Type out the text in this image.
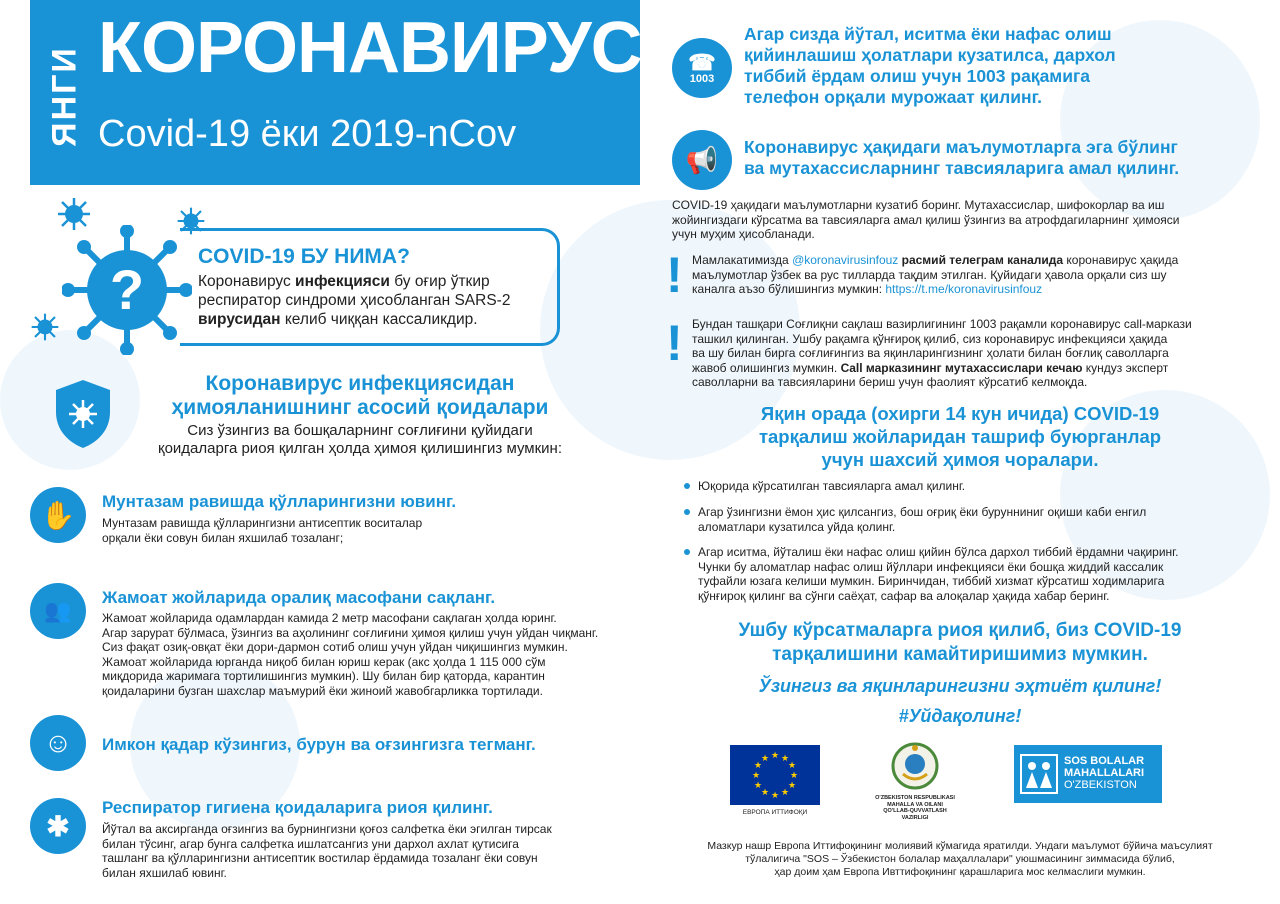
ЯНГИ КОРОНАВИРУС
Covid-19 ёки 2019-nCov
?
COVID-19 БУ НИМА?
Коронавирус инфекцияси бу оғир ўткир
респиратор синдроми ҳисобланган SARS-2
вирусидан келиб чиққан кассаликдир.
Коронавирус инфекциясидан
ҳимояланишнинг асосий қоидалари
Сиз ўзингиз ва бошқаларнинг соғлиғини қуйидаги
қоидаларга риоя қилган ҳолда ҳимоя қилишингиз мумкин:
✋	Мунтазам равишда қўлларингизни ювинг.
Мунтазам равишда қўлларингизни антисептик воситалар
орқали ёки совун билан яхшилаб тозаланг;
👥
Жамоат жойларида оралиқ масофани сақланг.
Жамоат жойларида одамлардан камида 2 метр масофани сақлаган ҳолда юринг.
Агар зарурат бўлмаса, ўзингиз ва аҳолининг соғлиғини ҳимоя қилиш учун уйдан чиқманг.
Сиз фақат озиқ-овқат ёки дори-дармон сотиб олиш учун уйдан чиқишингиз мумкин.
Жамоат жойларида юрганда ниқоб билан юриш керак (акс ҳолда 1 115 000 сўм
миқдорида жаримага тортилишингиз мумкин). Шу билан бир қаторда, карантин
қоидаларини бузган шахслар маъмурий ёки жиноий жавобгарликка тортилади.
☺	Имкон қадар кўзингиз, бурун ва оғзингизга тегманг.
✱
Респиратор гигиена қоидаларига риоя қилинг.
Йўтал ва аксирганда оғзингиз ва бурнингизни қоғоз салфетка ёки эгилган тирсак
билан тўсинг, агар бунга салфетка ишлатсангиз уни дархол ахлат қутисига
ташланг ва қўлларингизни антисептик востилар ёрдамида тозаланг ёки совун
билан яхшилаб ювинг.
☎
1003
Агар сизда йўтал, иситма ёки нафас олиш
қийинлашиш ҳолатлари кузатилса, дархол
тиббий ёрдам олиш учун 1003 рақамига
телефон орқали мурожаат қилинг.
📢	Коронавирус ҳақидаги маълумотларга эга бўлинг
ва мутахассисларнинг тавсияларига амал қилинг.
COVID-19 ҳақидаги маълумотларни кузатиб боринг. Мутахассислар, шифокорлар ва иш
жойингиздаги кўрсатма ва тавсияларга амал қилиш ўзингиз ва атрофдагиларнинг ҳимояси
учун муҳим ҳисобланади.
! Мамлакатимизда @koronavirusinfouz расмий телеграм каналида коронавирус ҳақида
маълумотлар ўзбек ва рус тилларда тақдим этилган. Қуйидаги ҳавола орқали сиз шу
каналга аъзо бўлишингиз мумкин: https://t.me/koronavirusinfouz
! Бундан ташқари Соғлиқни сақлаш вазирлигининг 1003 рақамли коронавирус call-маркази
ташкил қилинган. Ушбу рақамга қўнғироқ қилиб, сиз коронавирус инфекцияси ҳақида
ва шу билан бирга соғлиғингиз ва яқинларингизнинг ҳолати билан боғлиқ саволларга
жавоб олишингиз мумкин. Call марказининг мутахассислари кечаю кундуз эксперт
саволларни ва тавсияларини бериш учун фаолият кўрсатиб келмоқда.
Яқин орада (охирги 14 кун ичида) COVID-19
тарқалиш жойларидан ташриф буюрганлар
учун шахсий ҳимоя чоралари.
Юқорида кўрсатилган тавсияларга амал қилинг.
Агар ўзингизни ёмон ҳис қилсангиз, бош оғриқ ёки бурунниниг оқиши каби енгил
аломатлари кузатилса уйда қолинг.
Агар иситма, йўталиш ёки нафас олиш қийин бўлса дархол тиббий ёрдамни чақиринг.
Чунки бу аломатлар нафас олиш йўллари инфекцияси ёки бошқа жиддий кассалик
туфайли юзага келиши мумкин. Биринчидан, тиббий хизмат кўрсатиш ходимларига
қўнғироқ қилинг ва сўнги саёҳат, сафар ва алоқалар ҳақида хабар беринг.
Ушбу кўрсатмаларга риоя қилиб, биз COVID-19
тарқалишини камайтиришимиз мумкин.
Ўзингиз ва яқинларингизни эҳтиёт қилинг!
#Уйдақолинг!
★ ★
★
★
★
★
★
★
★
★
★
★
ЕВРОПА ИТТИФОҚИ
O'ZBEKISTON RESPUBLIKASI
MAHALLA VA OILANI
QO'LLAB-QUVVATLASH
VAZIRLIGI
SOS BOLALAR
MAHALLALARI
O'ZBEKISTON
Мазкур нашр Европа Иттифоқининг молиявий кўмагида яратилди. Ундаги маълумот бўйича маъсулият
тўлалигича "SOS – Ўзбекистон болалар маҳаллалари" уюшмасининг зиммасида бўлиб,
ҳар доим ҳам Европа Ивттифоқининг қарашларига мос келмаслиги мумкин.
